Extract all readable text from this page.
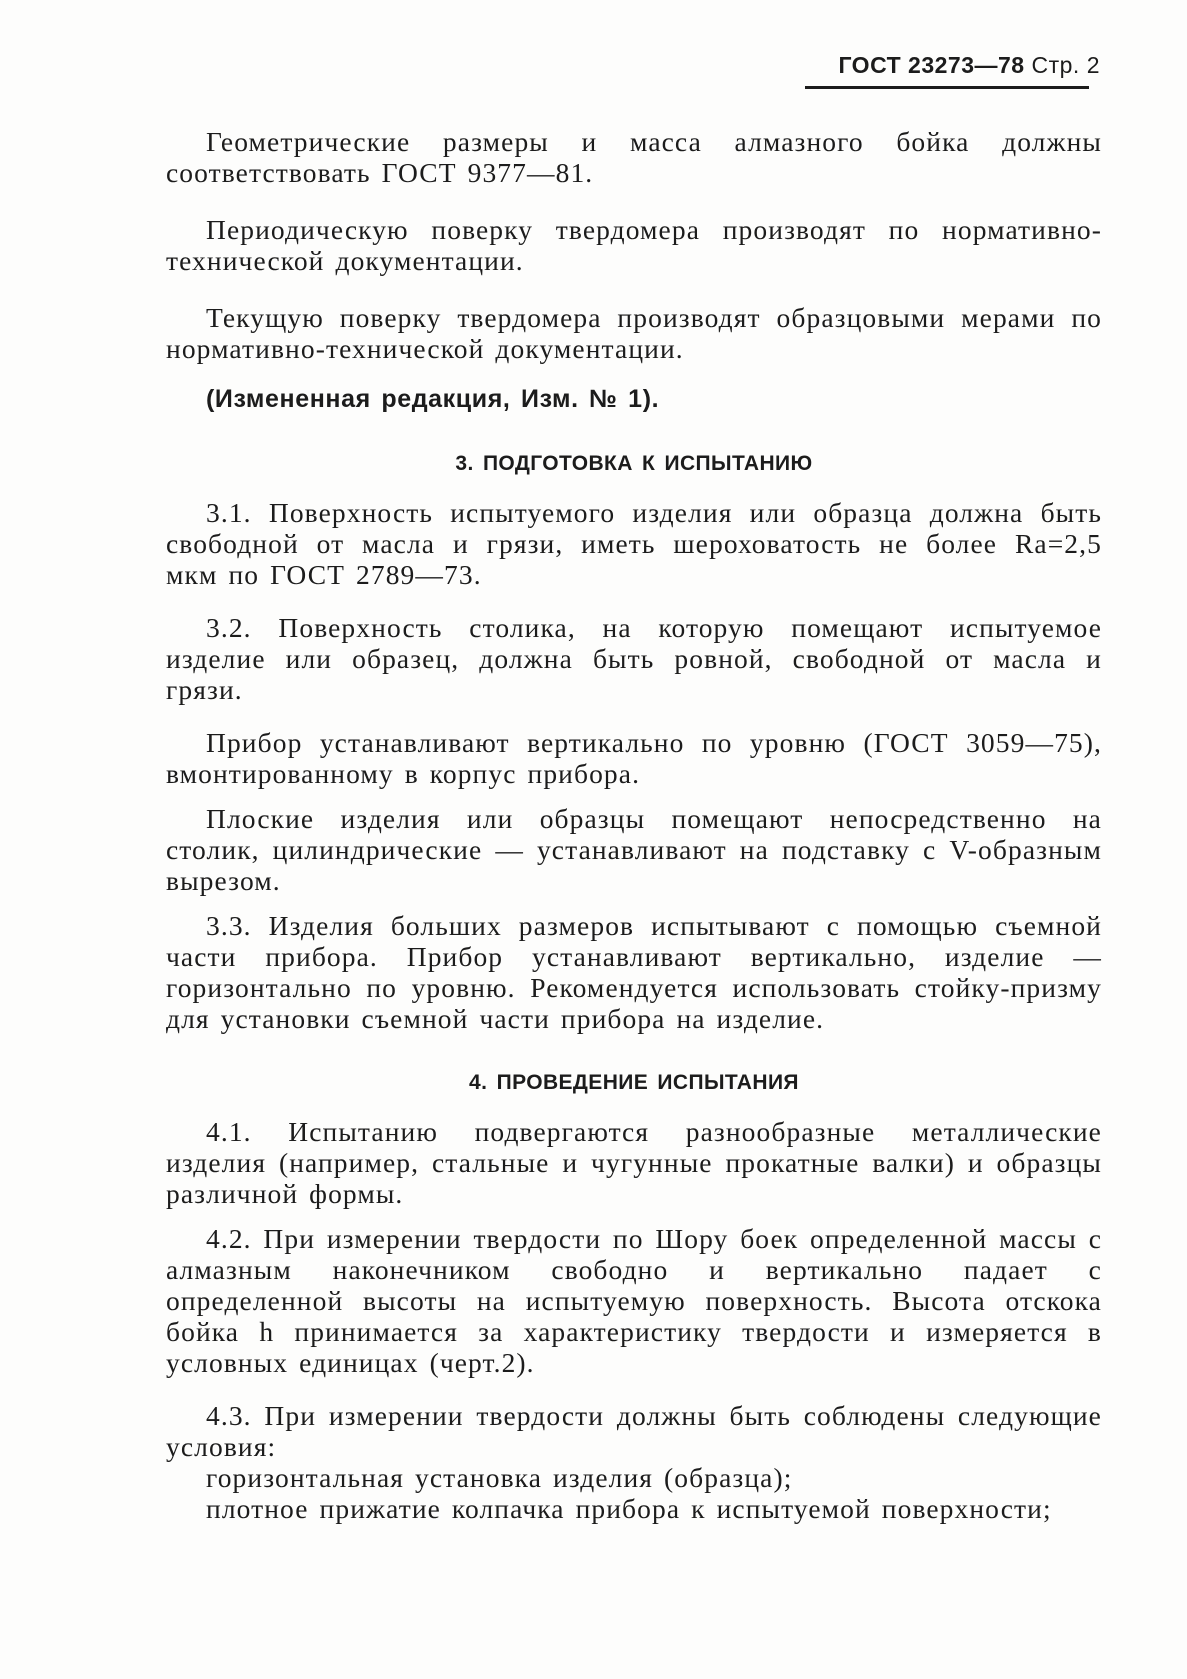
ГОСТ 23273—78 Стр. 2

Геометрические размеры и масса алмазного бойка должны соответствовать ГОСТ 9377—81.

Периодическую поверку твердомера производят по нормативно-технической документации.

Текущую поверку твердомера производят образцовыми мерами по нормативно-технической документации.

(Измененная редакция, Изм. № 1).

3. ПОДГОТОВКА К ИСПЫТАНИЮ

3.1. Поверхность испытуемого изделия или образца должна быть свободной от масла и грязи, иметь шероховатость не более Ra=2,5 мкм по ГОСТ 2789—73.

3.2. Поверхность столика, на которую помещают испытуемое изделие или образец, должна быть ровной, свободной от масла и грязи.

Прибор устанавливают вертикально по уровню (ГОСТ 3059—75), вмонтированному в корпус прибора.

Плоские изделия или образцы помещают непосредственно на столик, цилиндрические — устанавливают на подставку с V-образным вырезом.

3.3. Изделия больших размеров испытывают с помощью съемной части прибора. Прибор устанавливают вертикально, изделие — горизонтально по уровню. Рекомендуется использовать стойку-призму для установки съемной части прибора на изделие.

4. ПРОВЕДЕНИЕ ИСПЫТАНИЯ

4.1. Испытанию подвергаются разнообразные металлические изделия (например, стальные и чугунные прокатные валки) и образцы различной формы.

4.2. При измерении твердости по Шору боек определенной массы с алмазным наконечником свободно и вертикально падает с определенной высоты на испытуемую поверхность. Высота отскока бойка h принимается за характеристику твердости и измеряется в условных единицах (черт.2).

4.3. При измерении твердости должны быть соблюдены следующие условия:

горизонтальная установка изделия (образца);

плотное прижатие колпачка прибора к испытуемой поверхности;
